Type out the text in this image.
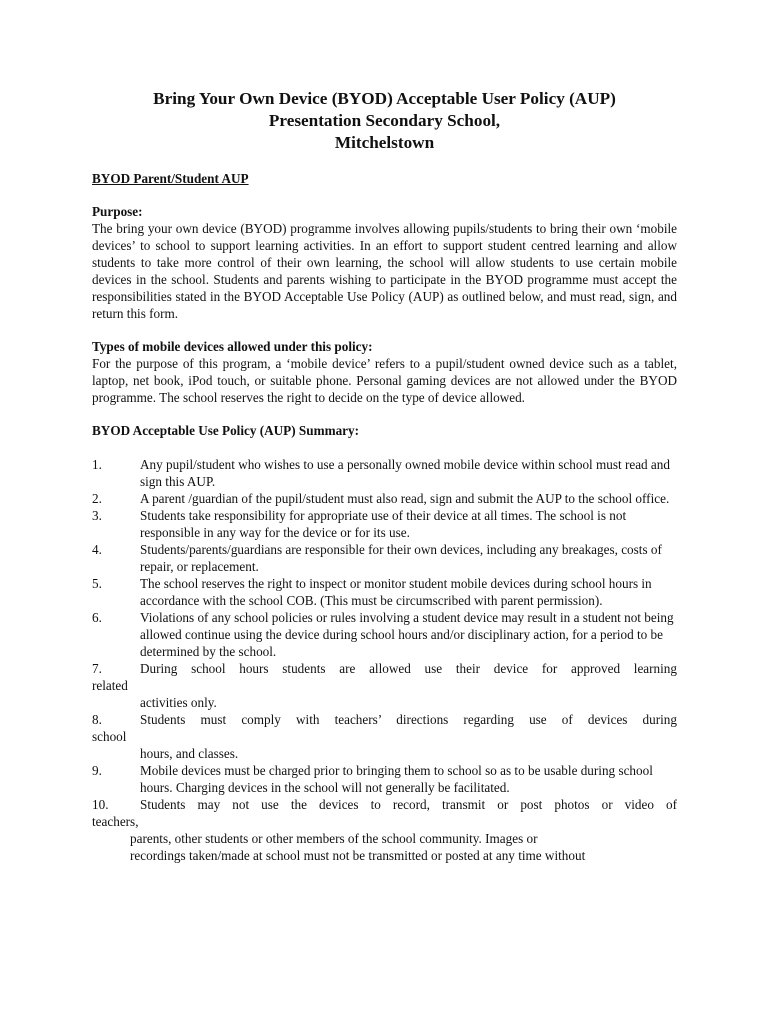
Bring Your Own Device (BYOD) Acceptable User Policy (AUP)

Presentation Secondary School,

Mitchelstown

BYOD Parent/Student AUP

Purpose:

The bring your own device (BYOD) programme involves allowing pupils/students to bring their own ‘mobile devices’ to school to support learning activities. In an effort to support student centred learning and allow students to take more control of their own learning, the school will allow students to use certain mobile devices in the school. Students and parents wishing to participate in the BYOD programme must accept the responsibilities stated in the BYOD Acceptable Use Policy (AUP) as outlined below, and must read, sign, and return this form.

Types of mobile devices allowed under this policy:

For the purpose of this program, a ‘mobile device’ refers to a pupil/student owned device such as a tablet, laptop, net book, iPod touch, or suitable phone. Personal gaming devices are not allowed under the BYOD programme. The school reserves the right to decide on the type of device allowed.

BYOD Acceptable Use Policy (AUP) Summary:

1.	Any pupil/student who wishes to use a personally owned mobile device within school must read and sign this AUP.
2.	A parent /guardian of the pupil/student must also read, sign and submit the AUP to the school office.
3.	Students take responsibility for appropriate use of their device at all times. The school is not responsible in any way for the device or for its use.
4.	Students/parents/guardians are responsible for their own devices, including any breakages, costs of repair, or replacement.
5.	The school reserves the right to inspect or monitor student mobile devices during school hours in accordance with the school COB. (This must be circumscribed with parent permission).
6.	Violations of any school policies or rules involving a student device may result in a student not being allowed continue using the device during school hours and/or disciplinary action, for a period to be determined by the school.
7.	During school hours students are allowed use their device for approved learning
related
activities only.
8.	Students must comply with teachers’ directions regarding use of devices during
school
hours, and classes.
9.	Mobile devices must be charged prior to bringing them to school so as to be usable during school hours. Charging devices in the school will not generally be facilitated.
10.	Students may not use the devices to record, transmit or post photos or video of
teachers,
parents, other students or other members of the school community. Images or
recordings taken/made at school must not be transmitted or posted at any time without
